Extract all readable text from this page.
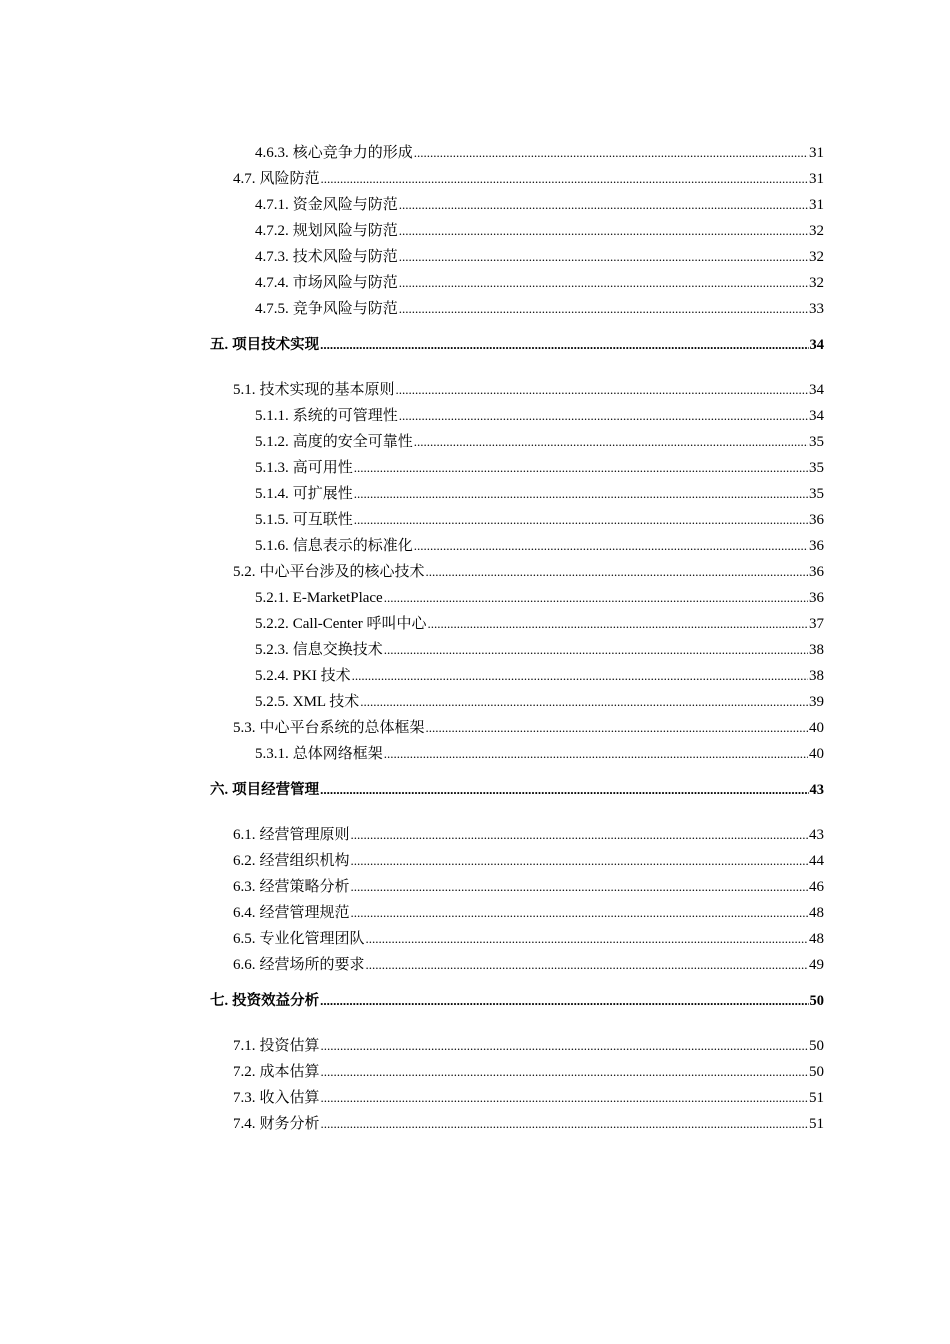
4.6.3. 核心竞争力的形成 .....	31
4.7. 风险防范 .....	31
4.7.1. 资金风险与防范 .....	31
4.7.2. 规划风险与防范 .....	32
4.7.3. 技术风险与防范 .....	32
4.7.4. 市场风险与防范 .....	32
4.7.5. 竞争风险与防范 .....	33
五. 项目技术实现 .....	34
5.1. 技术实现的基本原则 .....	34
5.1.1. 系统的可管理性 .....	34
5.1.2. 高度的安全可靠性 .....	35
5.1.3. 高可用性 .....	35
5.1.4. 可扩展性 .....	35
5.1.5. 可互联性 .....	36
5.1.6. 信息表示的标准化 .....	36
5.2. 中心平台涉及的核心技术 .....	36
5.2.1. E-MarketPlace .....	36
5.2.2. Call-Center 呼叫中心 .....	37
5.2.3. 信息交换技术 .....	38
5.2.4. PKI 技术 .....	38
5.2.5. XML 技术 .....	39
5.3. 中心平台系统的总体框架 .....	40
5.3.1. 总体网络框架 .....	40
六. 项目经营管理 .....	43
6.1. 经营管理原则 .....	43
6.2. 经营组织机构 .....	44
6.3. 经营策略分析 .....	46
6.4. 经营管理规范 .....	48
6.5. 专业化管理团队 .....	48
6.6. 经营场所的要求 .....	49
七. 投资效益分析 .....	50
7.1. 投资估算 .....	50
7.2. 成本估算 .....	50
7.3. 收入估算 .....	51
7.4. 财务分析 .....	51
